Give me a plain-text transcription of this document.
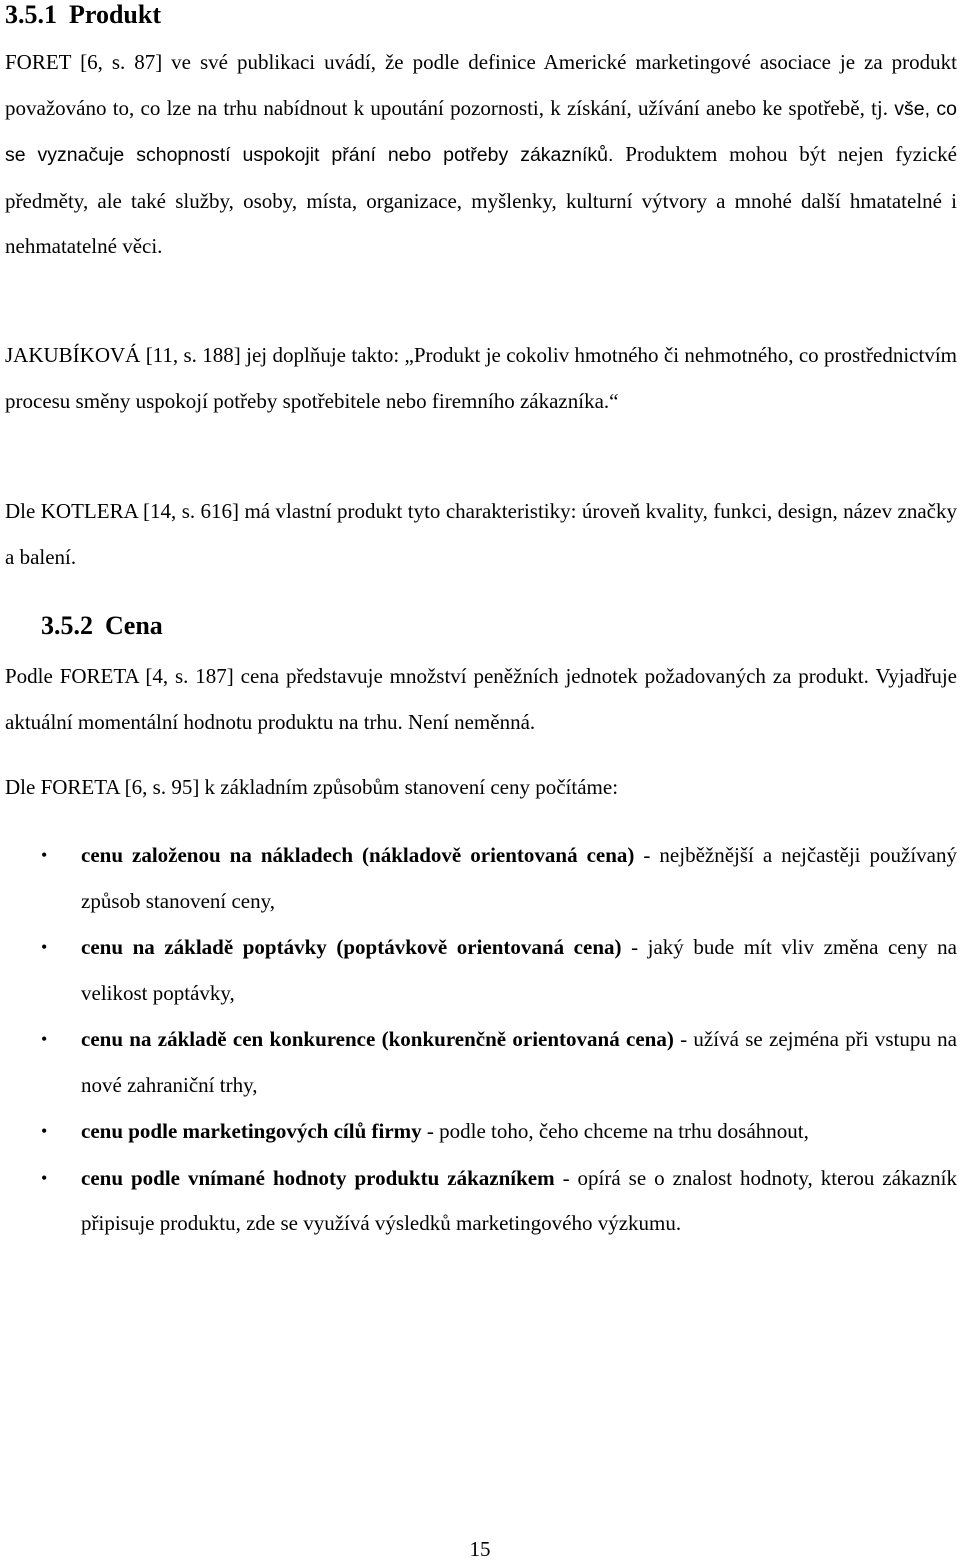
3.5.1 Produkt

FORET [6, s. 87] ve své publikaci uvádí, že podle definice Americké marketingové asociace je za produkt považováno to, co lze na trhu nabídnout k upoutání pozornosti, k získání, užívání anebo ke spotřebě, tj. vše, co se vyznačuje schopností uspokojit přání nebo potřeby zákazníků. Produktem mohou být nejen fyzické předměty, ale také služby, osoby, místa, organizace, myšlenky, kulturní výtvory a mnohé další hmatatelné i nehmatatelné věci.

JAKUBÍKOVÁ [11, s. 188] jej doplňuje takto: „Produkt je cokoliv hmotného či nehmotného, co prostřednictvím procesu směny uspokojí potřeby spotřebitele nebo firemního zákazníka.“

Dle KOTLERA [14, s. 616] má vlastní produkt tyto charakteristiky: úroveň kvality, funkci, design, název značky a balení.

3.5.2 Cena

Podle FORETA [4, s. 187] cena představuje množství peněžních jednotek požadovaných za produkt. Vyjadřuje aktuální momentální hodnotu produktu na trhu. Není neměnná.

Dle FORETA [6, s. 95] k základním způsobům stanovení ceny počítáme:

• cenu založenou na nákladech (nákladově orientovaná cena) - nejběžnější a nejčastěji používaný způsob stanovení ceny,
• cenu na základě poptávky (poptávkově orientovaná cena) - jaký bude mít vliv změna ceny na velikost poptávky,
• cenu na základě cen konkurence (konkurenčně orientovaná cena) - užívá se zejména při vstupu na nové zahraniční trhy,
• cenu podle marketingových cílů firmy - podle toho, čeho chceme na trhu dosáhnout,
• cenu podle vnímané hodnoty produktu zákazníkem - opírá se o znalost hodnoty, kterou zákazník připisuje produktu, zde se využívá výsledků marketingového výzkumu.
15
